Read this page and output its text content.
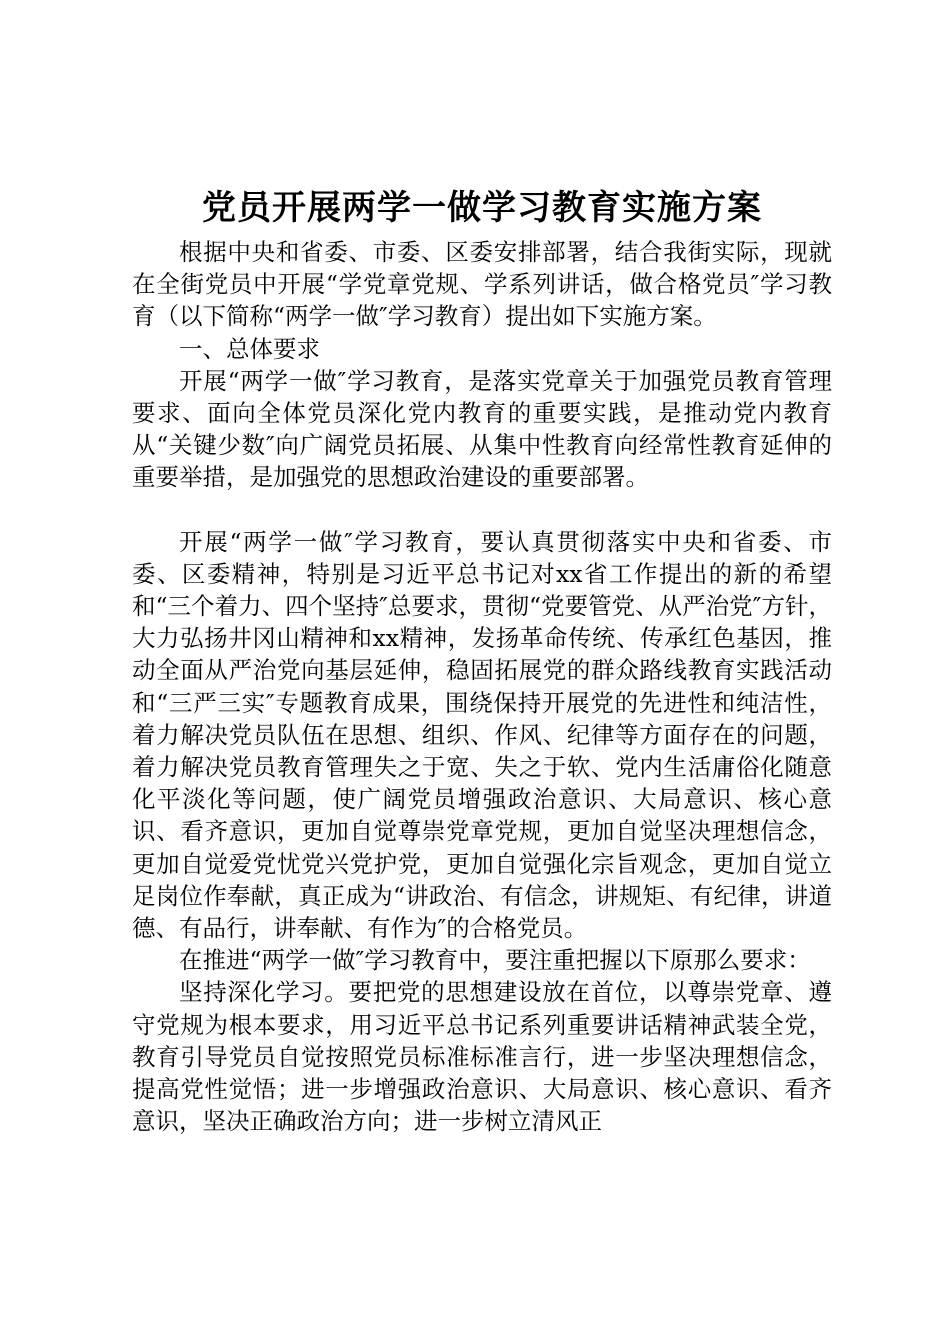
党员开展两学一做学习教育实施方案

根据中央和省委、市委、区委安排部署，结合我街实际，现就在全街党员中开展“学党章党规、学系列讲话，做合格党员″学习教育（以下简称“两学一做″学习教育）提出如下实施方案。

一、总体要求

开展“两学一做″学习教育，是落实党章关于加强党员教育管理要求、面向全体党员深化党内教育的重要实践，是推动党内教育从“关键少数″向广阔党员拓展、从集中性教育向经常性教育延伸的重要举措，是加强党的思想政治建设的重要部署。

开展“两学一做″学习教育，要认真贯彻落实中央和省委、市委、区委精神，特别是习近平总书记对xx省工作提出的新的希望和“三个着力、四个坚持″总要求，贯彻“党要管党、从严治党″方针，大力弘扬井冈山精神和xx精神，发扬革命传统、传承红色基因，推动全面从严治党向基层延伸，稳固拓展党的群众路线教育实践活动和“三严三实″专题教育成果，围绕保持开展党的先进性和纯洁性，着力解决党员队伍在思想、组织、作风、纪律等方面存在的问题，着力解决党员教育管理失之于宽、失之于软、党内生活庸俗化随意化平淡化等问题，使广阔党员增强政治意识、大局意识、核心意识、看齐意识，更加自觉尊崇党章党规，更加自觉坚决理想信念，更加自觉爱党忧党兴党护党，更加自觉强化宗旨观念，更加自觉立足岗位作奉献，真正成为“讲政治、有信念，讲规矩、有纪律，讲道德、有品行，讲奉献、有作为″的合格党员。

在推进“两学一做″学习教育中，要注重把握以下原那么要求：

坚持深化学习。要把党的思想建设放在首位，以尊崇党章、遵守党规为根本要求，用习近平总书记系列重要讲话精神武装全党，教育引导党员自觉按照党员标准标准言行，进一步坚决理想信念，提高党性觉悟；进一步增强政治意识、大局意识、核心意识、看齐意识，坚决正确政治方向；进一步树立清风正
